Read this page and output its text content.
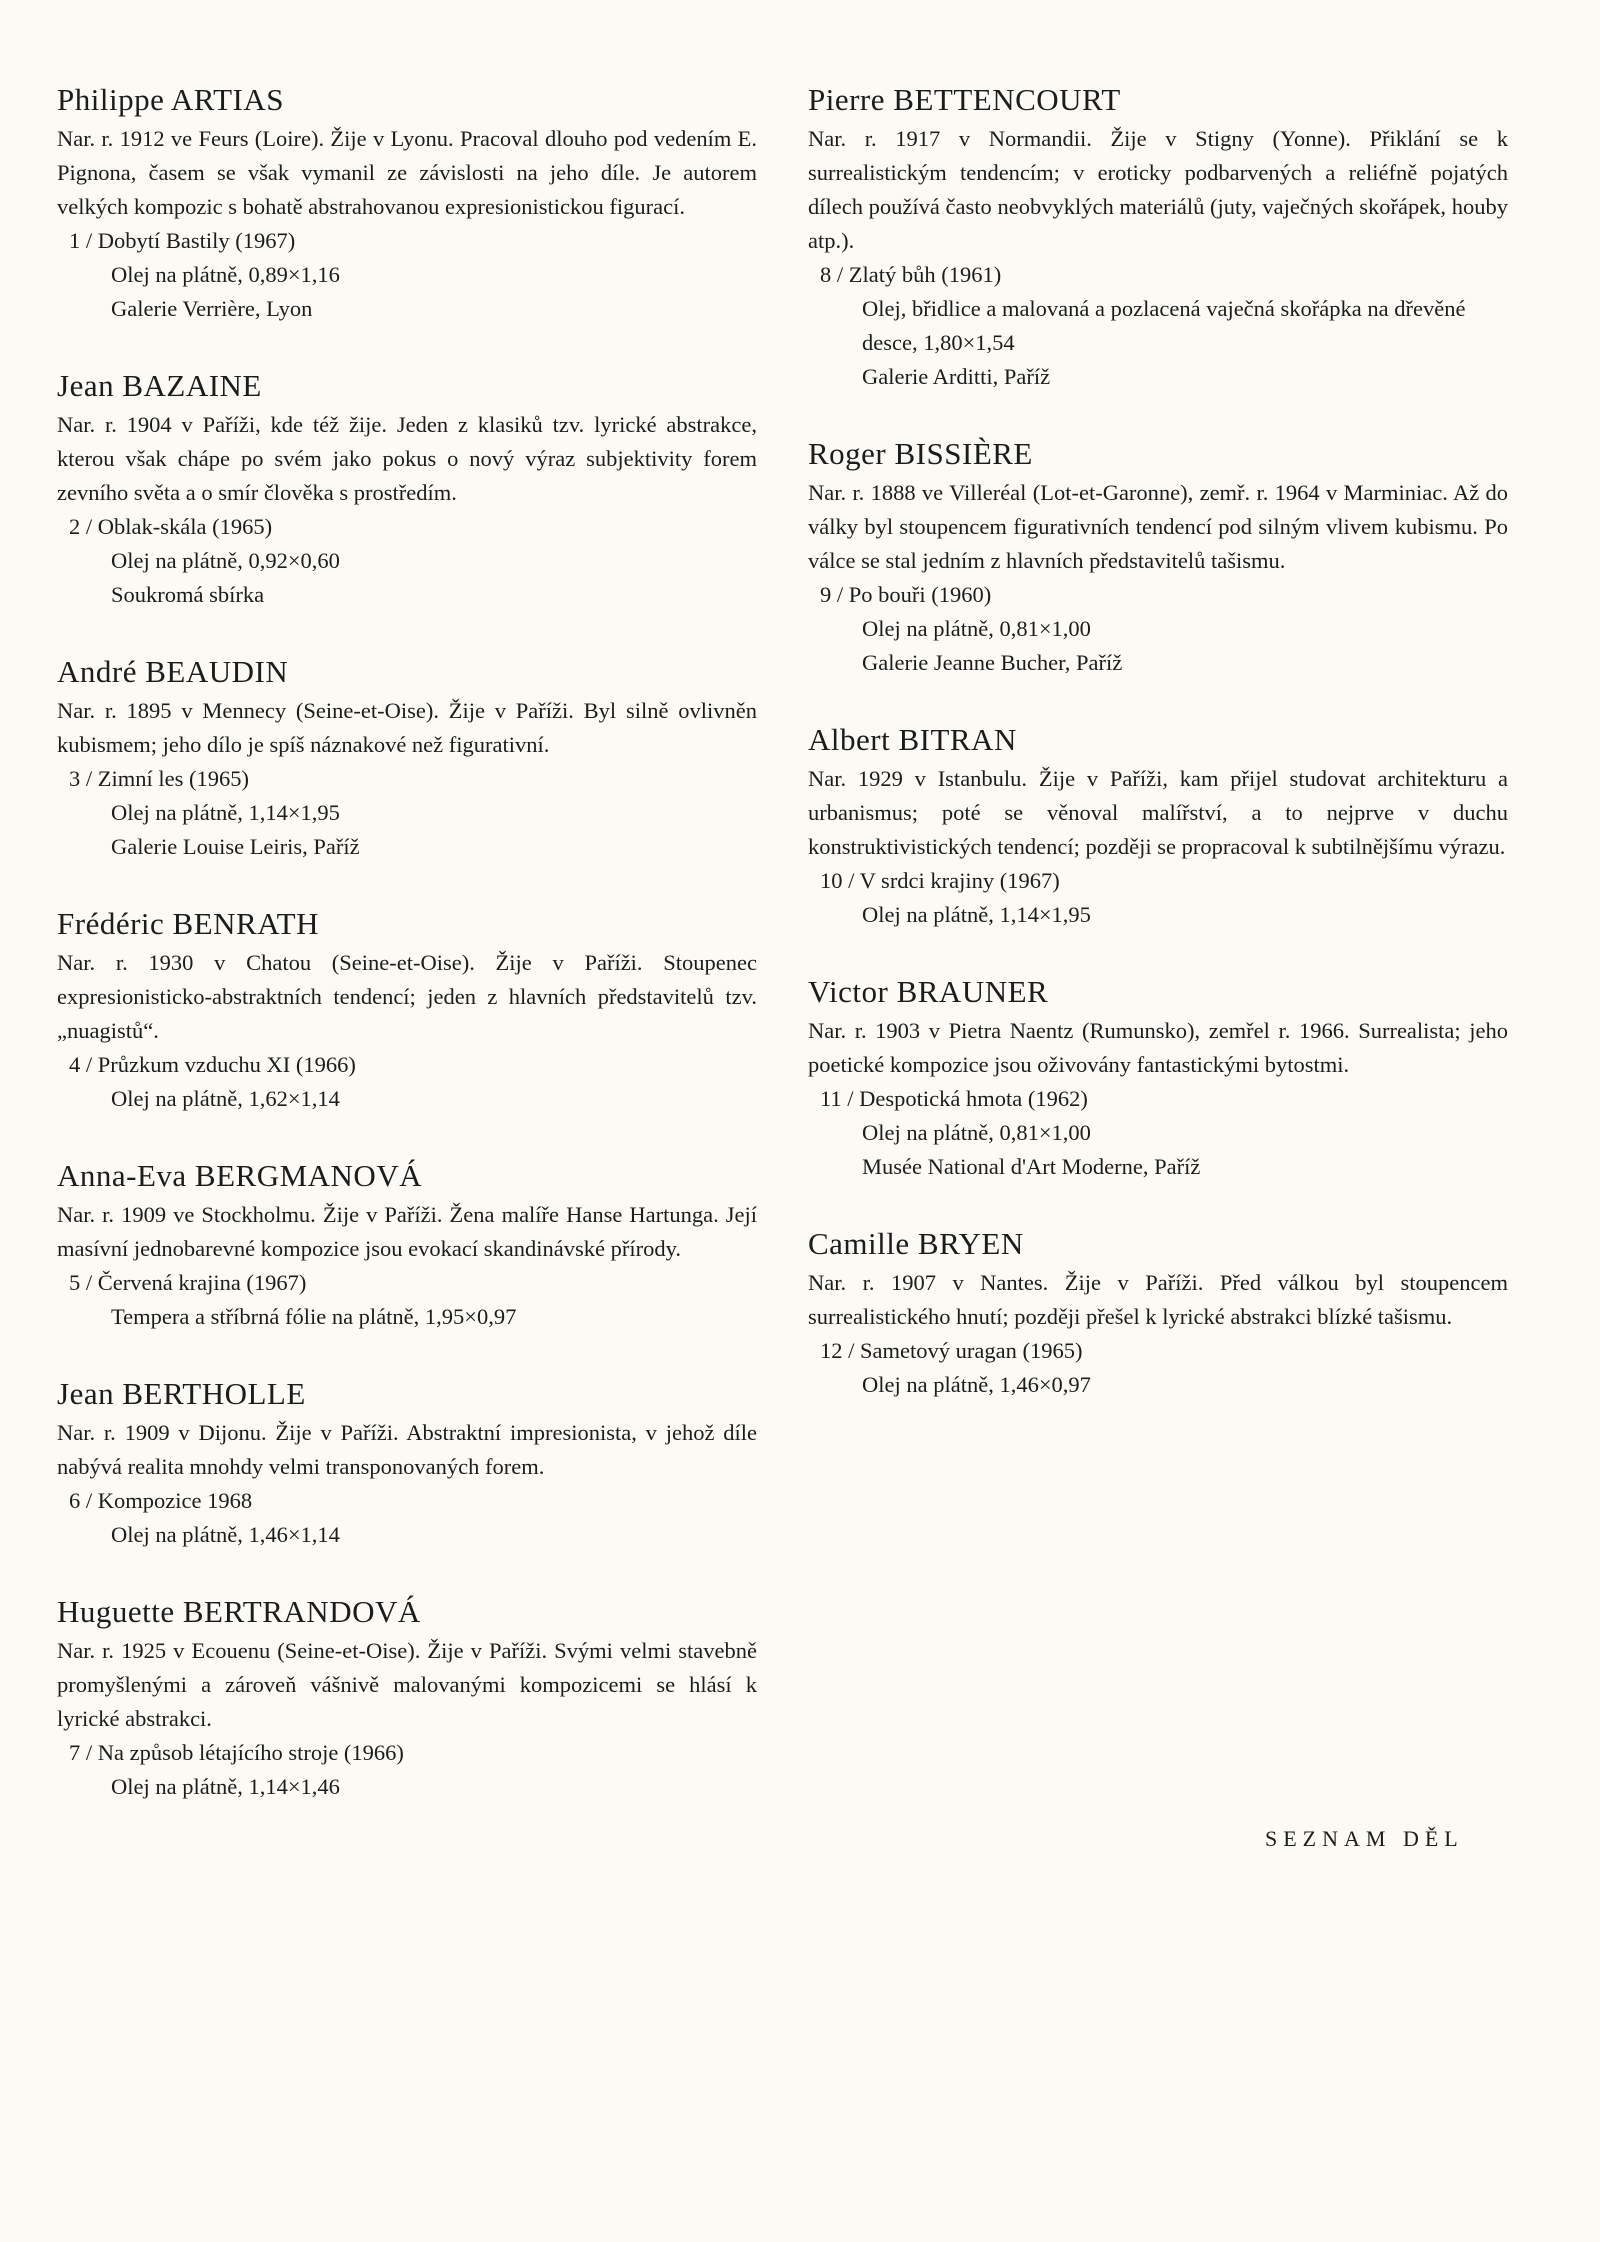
Philippe ARTIAS

Nar. r. 1912 ve Feurs (Loire). Žije v Lyonu. Pracoval dlouho pod vedením E. Pignona, časem se však vymanil ze závislosti na jeho díle. Je autorem velkých kompozic s bohatě abstrahovanou expresionistickou figurací.

1 / Dobytí Bastily (1967)
Olej na plátně, 0,89×1,16
Galerie Verrière, Lyon
Jean BAZAINE

Nar. r. 1904 v Paříži, kde též žije. Jeden z klasiků tzv. lyrické abstrakce, kterou však chápe po svém jako pokus o nový výraz subjektivity forem zevního světa a o smír člověka s prostředím.

2 / Oblak-skála (1965)
Olej na plátně, 0,92×0,60
Soukromá sbírka
André BEAUDIN

Nar. r. 1895 v Mennecy (Seine-et-Oise). Žije v Paříži. Byl silně ovlivněn kubismem; jeho dílo je spíš náznakové než figurativní.

3 / Zimní les (1965)
Olej na plátně, 1,14×1,95
Galerie Louise Leiris, Paříž
Frédéric BENRATH

Nar. r. 1930 v Chatou (Seine-et-Oise). Žije v Paříži. Stoupenec expresionisticko-abstraktních tendencí; jeden z hlavních představitelů tzv. „nuagistů“.

4 / Průzkum vzduchu XI (1966)
Olej na plátně, 1,62×1,14
Anna-Eva BERGMANOVÁ

Nar. r. 1909 ve Stockholmu. Žije v Paříži. Žena malíře Hanse Hartunga. Její masívní jednobarevné kompozice jsou evokací skandinávské přírody.

5 / Červená krajina (1967)
Tempera a stříbrná fólie na plátně, 1,95×0,97
Jean BERTHOLLE

Nar. r. 1909 v Dijonu. Žije v Paříži. Abstraktní impresionista, v jehož díle nabývá realita mnohdy velmi transponovaných forem.

6 / Kompozice 1968
Olej na plátně, 1,46×1,14
Huguette BERTRANDOVÁ

Nar. r. 1925 v Ecouenu (Seine-et-Oise). Žije v Paříži. Svými velmi stavebně promyšlenými a zároveň vášnivě malovanými kompozicemi se hlásí k lyrické abstrakci.

7 / Na způsob létajícího stroje (1966)
Olej na plátně, 1,14×1,46
Pierre BETTENCOURT

Nar. r. 1917 v Normandii. Žije v Stigny (Yonne). Přiklání se k surrealistickým tendencím; v eroticky podbarvených a reliéfně pojatých dílech používá často neobvyklých materiálů (juty, vaječných skořápek, houby atp.).

8 / Zlatý bůh (1961)
Olej, břidlice a malovaná a pozlacená vaječná skořápka na dřevěné desce, 1,80×1,54
Galerie Arditti, Paříž
Roger BISSIÈRE

Nar. r. 1888 ve Villeréal (Lot-et-Garonne), zemř. r. 1964 v Marminiac. Až do války byl stoupencem figurativních tendencí pod silným vlivem kubismu. Po válce se stal jedním z hlavních představitelů tašismu.

9 / Po bouři (1960)
Olej na plátně, 0,81×1,00
Galerie Jeanne Bucher, Paříž
Albert BITRAN

Nar. 1929 v Istanbulu. Žije v Paříži, kam přijel studovat architekturu a urbanismus; poté se věnoval malířství, a to nejprve v duchu konstruktivistických tendencí; později se propracoval k subtilnějšímu výrazu.

10 / V srdci krajiny (1967)
Olej na plátně, 1,14×1,95
Victor BRAUNER

Nar. r. 1903 v Pietra Naentz (Rumunsko), zemřel r. 1966. Surrealista; jeho poetické kompozice jsou oživovány fantastickými bytostmi.

11 / Despotická hmota (1962)
Olej na plátně, 0,81×1,00
Musée National d'Art Moderne, Paříž
Camille BRYEN

Nar. r. 1907 v Nantes. Žije v Paříži. Před válkou byl stoupencem surrealistického hnutí; později přešel k lyrické abstrakci blízké tašismu.

12 / Sametový uragan (1965)
Olej na plátně, 1,46×0,97
SEZNAM DĚL
